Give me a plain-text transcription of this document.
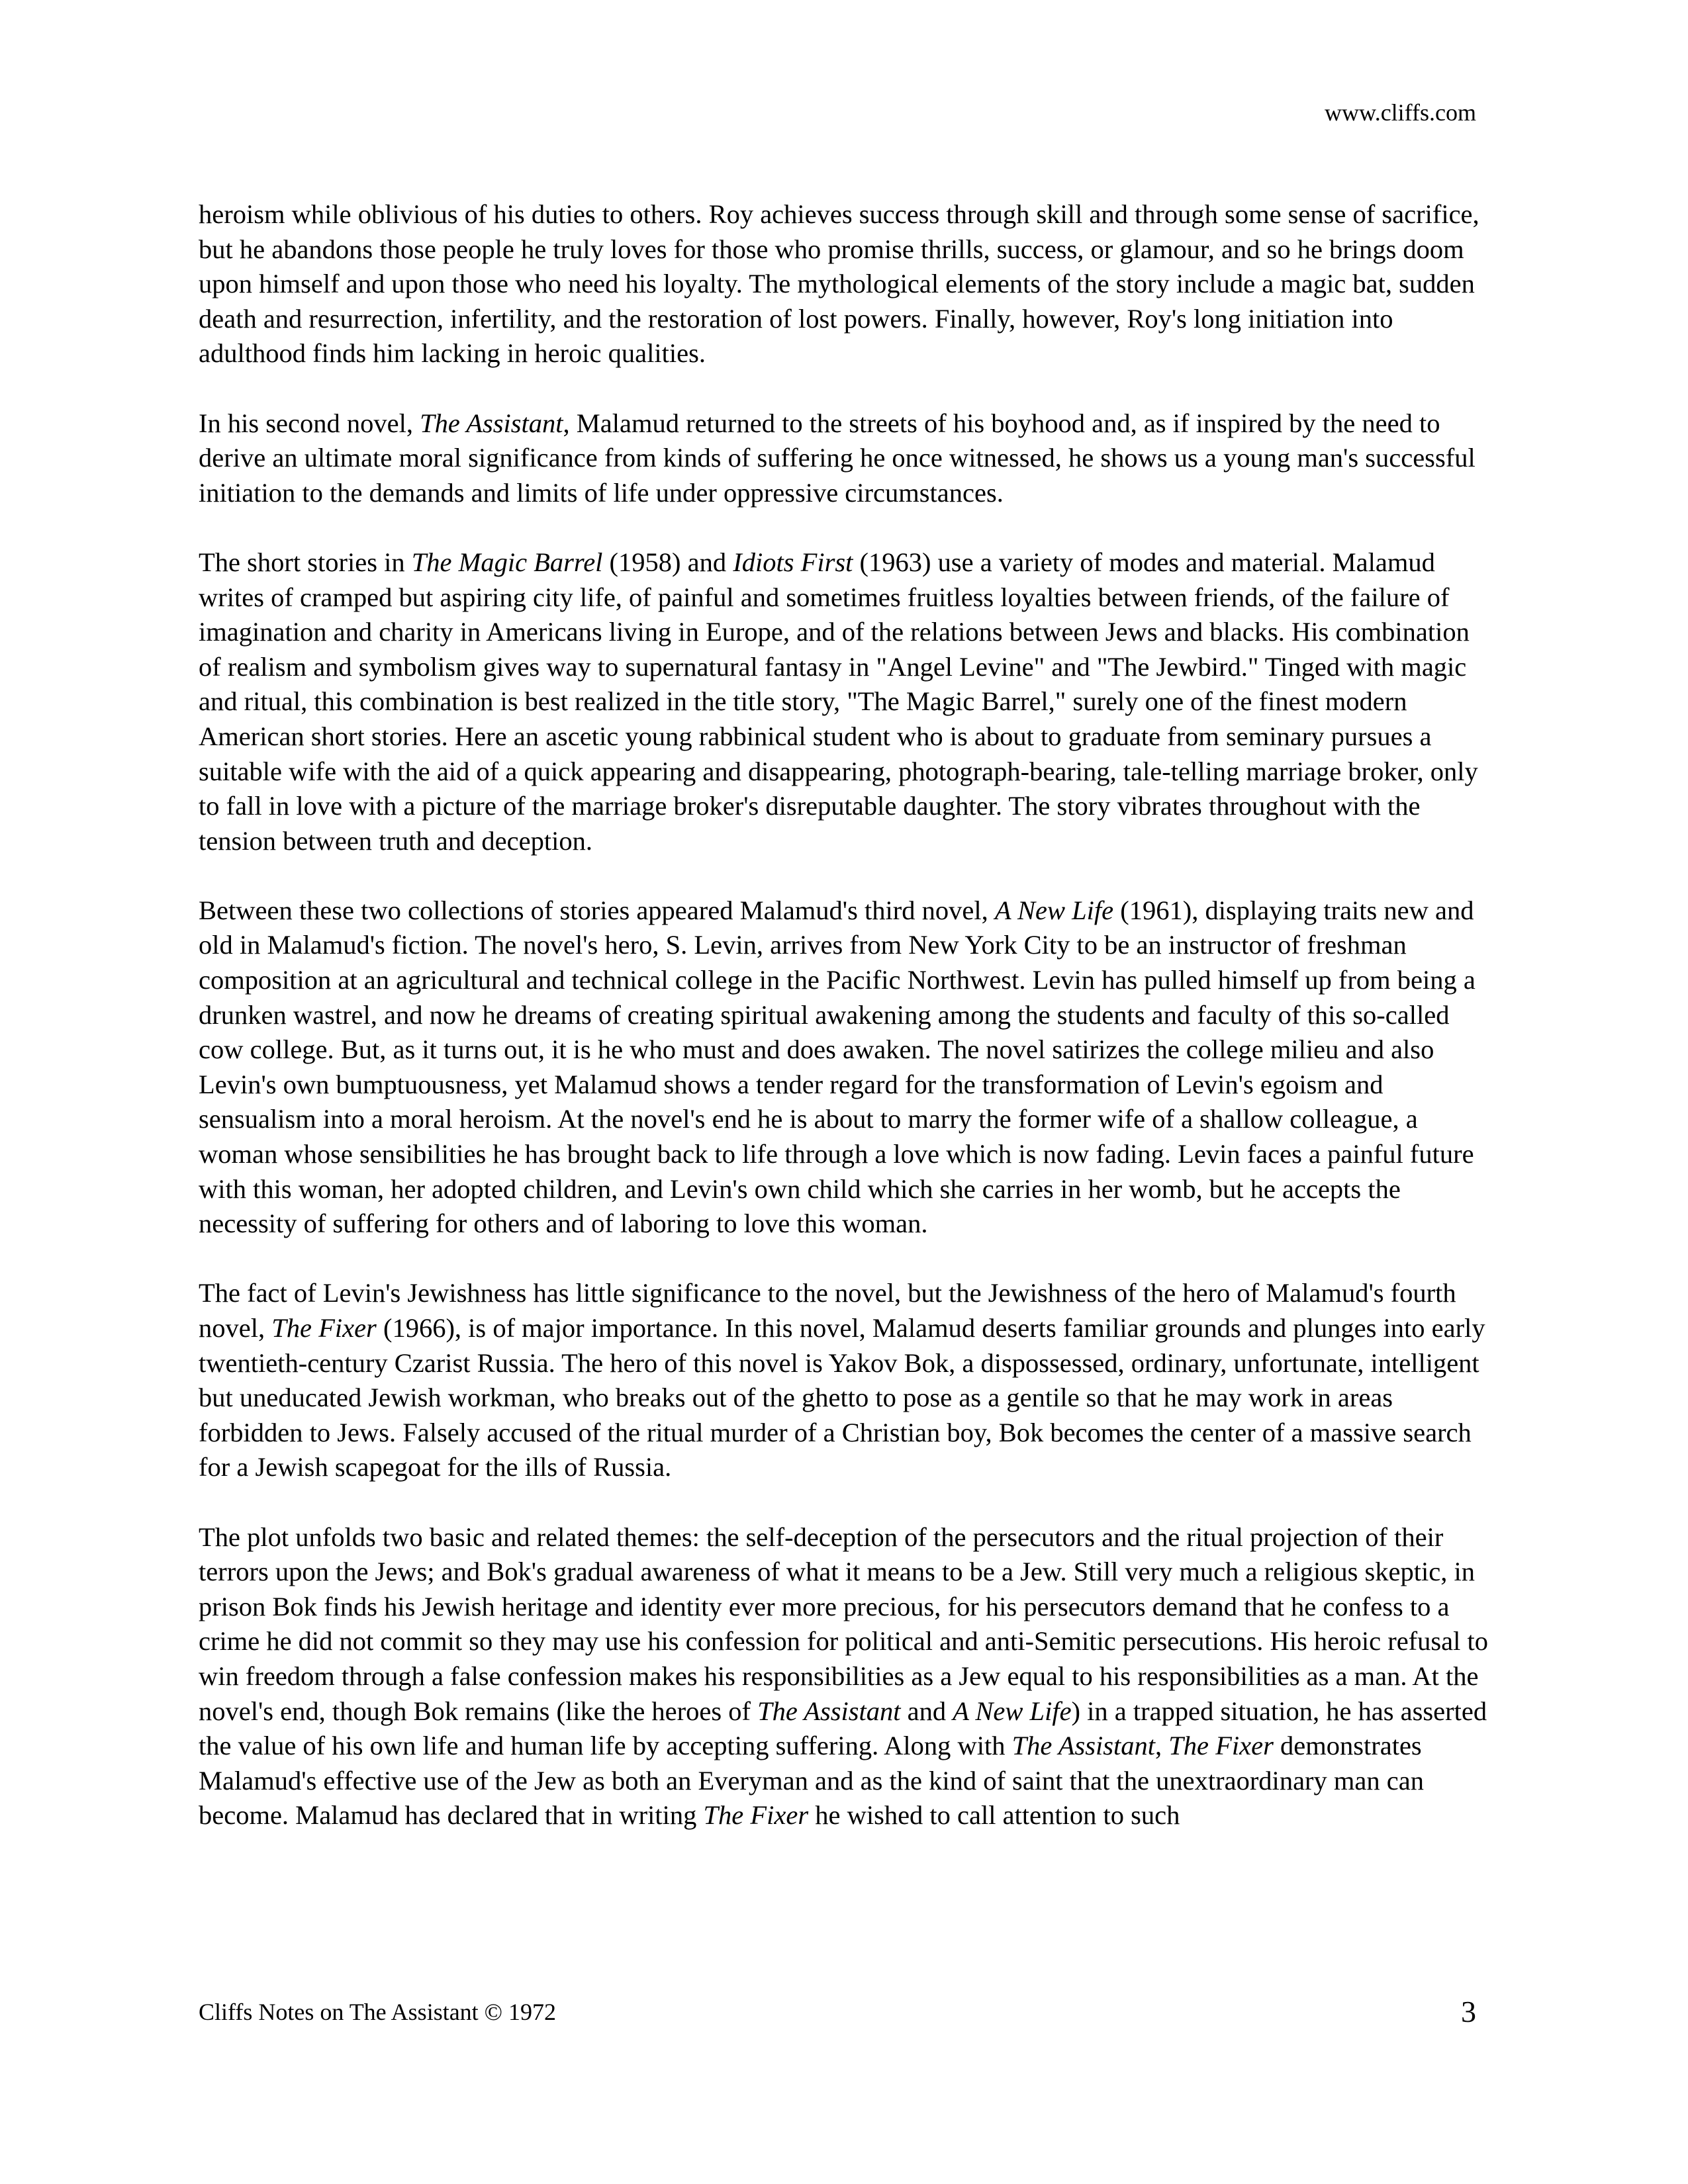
www.cliffs.com

heroism while oblivious of his duties to others. Roy achieves success through skill and through some sense of sacrifice, but he abandons those people he truly loves for those who promise thrills, success, or glamour, and so he brings doom upon himself and upon those who need his loyalty. The mythological elements of the story include a magic bat, sudden death and resurrection, infertility, and the restoration of lost powers. Finally, however, Roy's long initiation into adulthood finds him lacking in heroic qualities.

In his second novel, The Assistant, Malamud returned to the streets of his boyhood and, as if inspired by the need to derive an ultimate moral significance from kinds of suffering he once witnessed, he shows us a young man's successful initiation to the demands and limits of life under oppressive circumstances.

The short stories in The Magic Barrel (1958) and Idiots First (1963) use a variety of modes and material. Malamud writes of cramped but aspiring city life, of painful and sometimes fruitless loyalties between friends, of the failure of imagination and charity in Americans living in Europe, and of the relations between Jews and blacks. His combination of realism and symbolism gives way to supernatural fantasy in "Angel Levine" and "The Jewbird." Tinged with magic and ritual, this combination is best realized in the title story, "The Magic Barrel," surely one of the finest modern American short stories. Here an ascetic young rabbinical student who is about to graduate from seminary pursues a suitable wife with the aid of a quick appearing and disappearing, photograph-bearing, tale-telling marriage broker, only to fall in love with a picture of the marriage broker's disreputable daughter. The story vibrates throughout with the tension between truth and deception.

Between these two collections of stories appeared Malamud's third novel, A New Life (1961), displaying traits new and old in Malamud's fiction. The novel's hero, S. Levin, arrives from New York City to be an instructor of freshman composition at an agricultural and technical college in the Pacific Northwest. Levin has pulled himself up from being a drunken wastrel, and now he dreams of creating spiritual awakening among the students and faculty of this so-called cow college. But, as it turns out, it is he who must and does awaken. The novel satirizes the college milieu and also Levin's own bumptuousness, yet Malamud shows a tender regard for the transformation of Levin's egoism and sensualism into a moral heroism. At the novel's end he is about to marry the former wife of a shallow colleague, a woman whose sensibilities he has brought back to life through a love which is now fading. Levin faces a painful future with this woman, her adopted children, and Levin's own child which she carries in her womb, but he accepts the necessity of suffering for others and of laboring to love this woman.

The fact of Levin's Jewishness has little significance to the novel, but the Jewishness of the hero of Malamud's fourth novel, The Fixer (1966), is of major importance. In this novel, Malamud deserts familiar grounds and plunges into early twentieth-century Czarist Russia. The hero of this novel is Yakov Bok, a dispossessed, ordinary, unfortunate, intelligent but uneducated Jewish workman, who breaks out of the ghetto to pose as a gentile so that he may work in areas forbidden to Jews. Falsely accused of the ritual murder of a Christian boy, Bok becomes the center of a massive search for a Jewish scapegoat for the ills of Russia.

The plot unfolds two basic and related themes: the self-deception of the persecutors and the ritual projection of their terrors upon the Jews; and Bok's gradual awareness of what it means to be a Jew. Still very much a religious skeptic, in prison Bok finds his Jewish heritage and identity ever more precious, for his persecutors demand that he confess to a crime he did not commit so they may use his confession for political and anti-Semitic persecutions. His heroic refusal to win freedom through a false confession makes his responsibilities as a Jew equal to his responsibilities as a man. At the novel's end, though Bok remains (like the heroes of The Assistant and A New Life) in a trapped situation, he has asserted the value of his own life and human life by accepting suffering. Along with The Assistant, The Fixer demonstrates Malamud's effective use of the Jew as both an Everyman and as the kind of saint that the unextraordinary man can become. Malamud has declared that in writing The Fixer he wished to call attention to such

Cliffs Notes on The Assistant © 1972	3
